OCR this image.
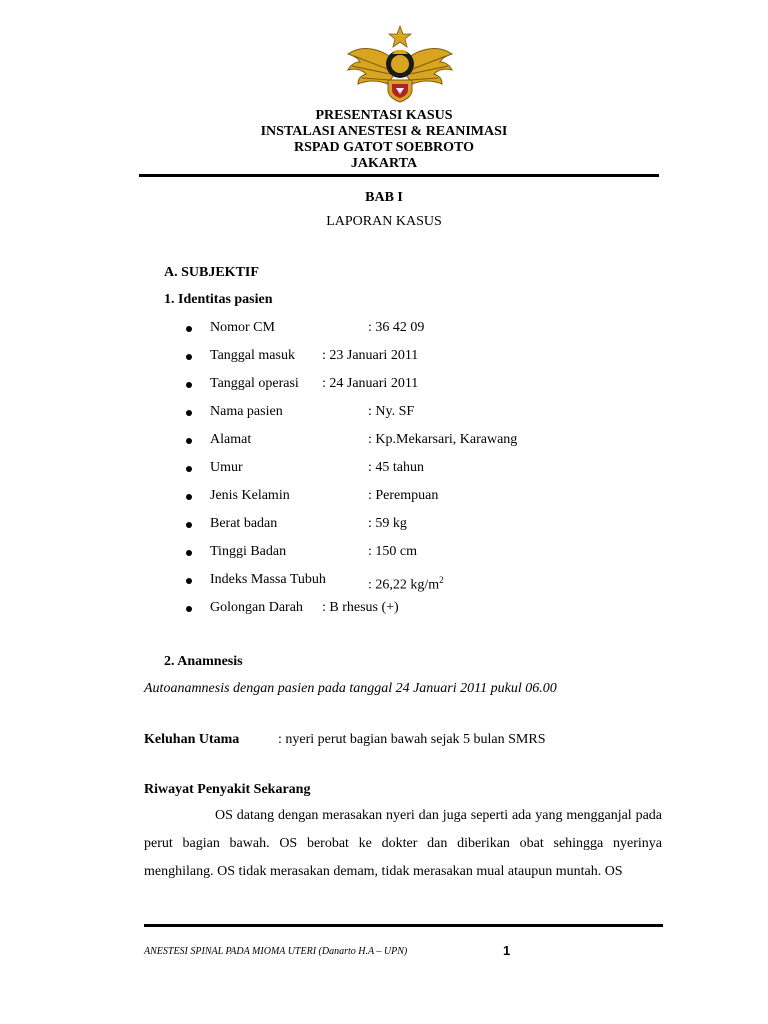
PRESENTASI KASUS
INSTALASI ANESTESI & REANIMASI
RSPAD GATOT SOEBROTO
JAKARTA
BAB I
LAPORAN KASUS
A. SUBJEKTIF
1. Identitas pasien
Nomor CM	: 36 42 09
Tanggal masuk : 23 Januari 2011
Tanggal operasi : 24 Januari 2011
Nama pasien	: Ny. SF
Alamat	: Kp.Mekarsari, Karawang
Umur	: 45 tahun
Jenis Kelamin	: Perempuan
Berat badan	: 59 kg
Tinggi Badan	: 150 cm
Indeks Massa Tubuh	: 26,22 $kg/m^2$
Golongan Darah : B rhesus (+)
2. Anamnesis
Autoanamnesis dengan pasien pada tanggal 24 Januari 2011 pukul 06.00
Keluhan Utama	: nyeri perut bagian bawah sejak 5 bulan SMRS
Riwayat Penyakit Sekarang
OS datang dengan merasakan nyeri dan juga seperti ada yang mengganjal pada perut bagian bawah. OS berobat ke dokter dan diberikan obat sehingga nyerinya menghilang. OS tidak merasakan demam, tidak merasakan mual ataupun muntah. OS
ANESTESI SPINAL PADA MIOMA UTERI (Danarto H.A – UPN)	1
